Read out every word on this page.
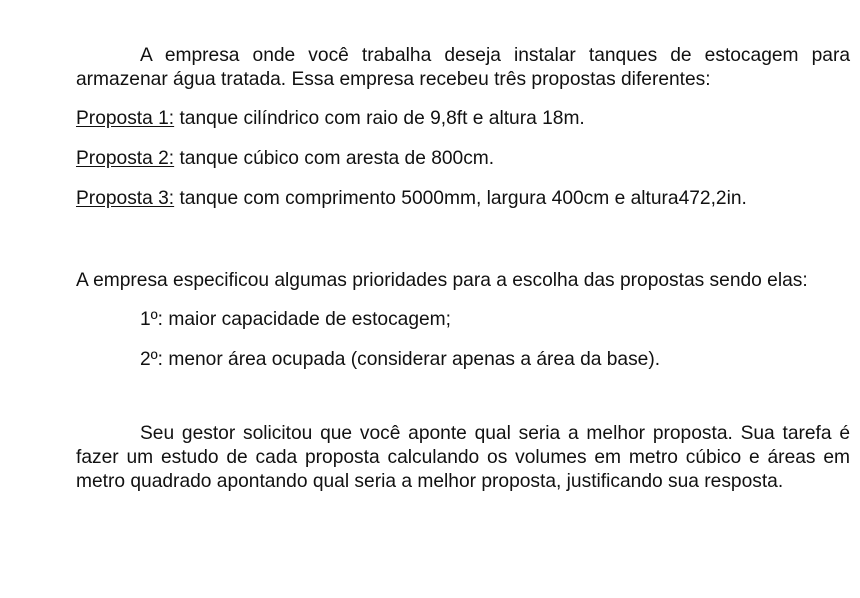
A empresa onde você trabalha deseja instalar tanques de estocagem para armazenar água tratada. Essa empresa recebeu três propostas diferentes:

Proposta 1: tanque cilíndrico com raio de 9,8ft e altura 18m.

Proposta 2: tanque cúbico com aresta de 800cm.

Proposta 3: tanque com comprimento 5000mm, largura 400cm e altura472,2in.

A empresa especificou algumas prioridades para a escolha das propostas sendo elas:

1º: maior capacidade de estocagem;

2º: menor área ocupada (considerar apenas a área da base).

Seu gestor solicitou que você aponte qual seria a melhor proposta. Sua tarefa é fazer um estudo de cada proposta calculando os volumes em metro cúbico e áreas em metro quadrado apontando qual seria a melhor proposta, justificando sua resposta.
